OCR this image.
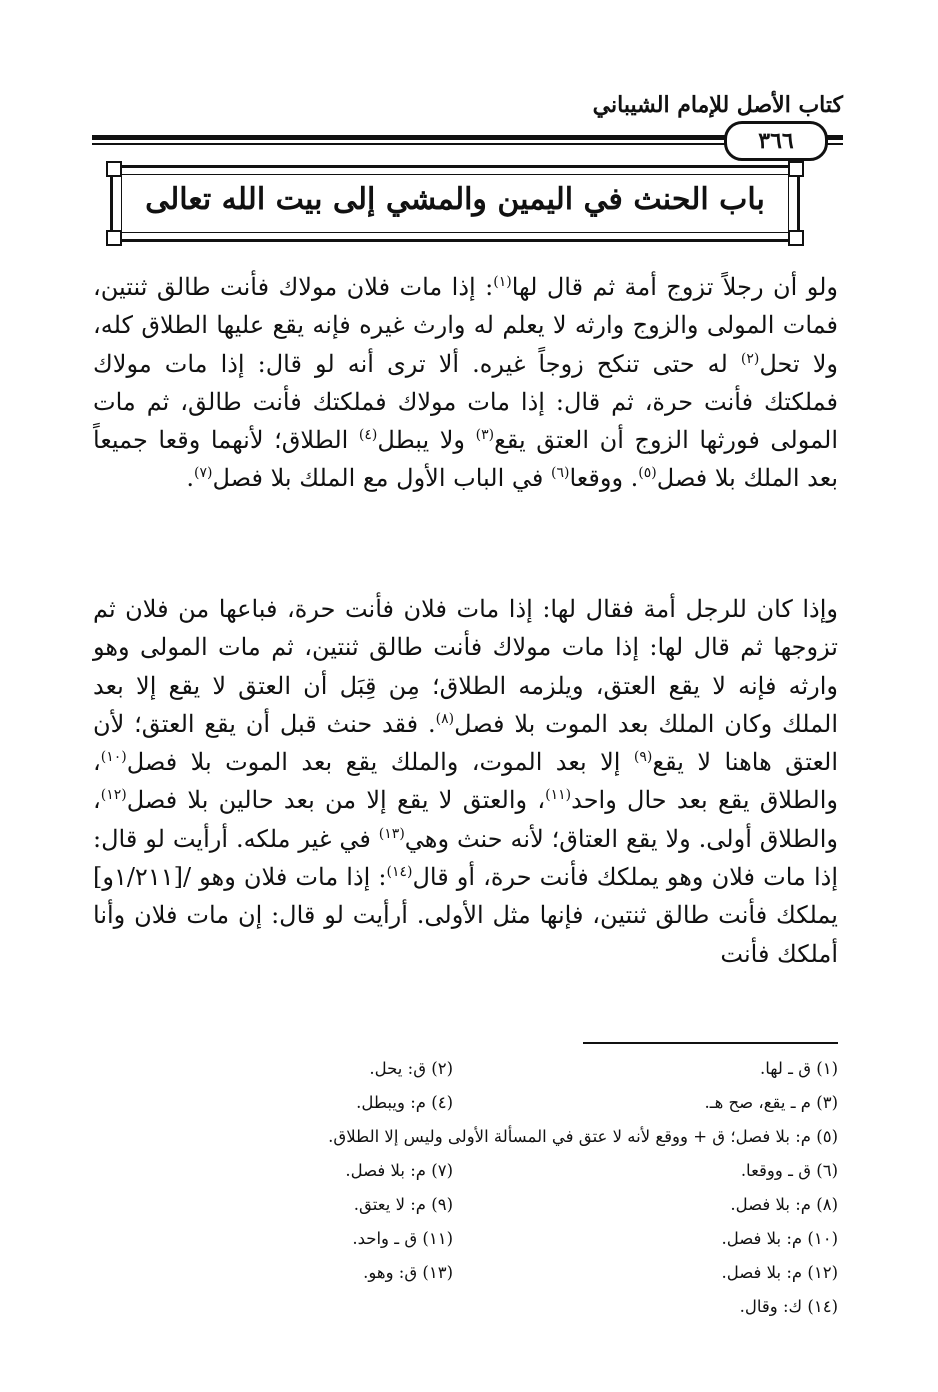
كتاب الأصل للإمام الشيباني
٣٦٦
باب الحنث في اليمين والمشي إلى بيت الله تعالى
ولو أن رجلاً تزوج أمة ثم قال لها$^{(١)}$: إذا مات فلان مولاك فأنت طالق ثنتين، فمات المولى والزوج وارثه لا يعلم له وارث غيره فإنه يقع عليها الطلاق كله، ولا تحل$^{(٢)}$ له حتى تنكح زوجاً غيره. ألا ترى أنه لو قال: إذا مات مولاك فملكتك فأنت حرة، ثم قال: إذا مات مولاك فملكتك فأنت طالق، ثم مات المولى فورثها الزوج أن العتق يقع$^{(٣)}$ ولا يبطل$^{(٤)}$ الطلاق؛ لأنهما وقعا جميعاً بعد الملك بلا فصل$^{(٥)}$. ووقعا$^{(٦)}$ في الباب الأول مع الملك بلا فصل$^{(٧)}$.
وإذا كان للرجل أمة فقال لها: إذا مات فلان فأنت حرة، فباعها من فلان ثم تزوجها ثم قال لها: إذا مات مولاك فأنت طالق ثنتين، ثم مات المولى وهو وارثه فإنه لا يقع العتق، ويلزمه الطلاق؛ مِن قِبَل أن العتق لا يقع إلا بعد الملك وكان الملك بعد الموت بلا فصل$^{(٨)}$. فقد حنث قبل أن يقع العتق؛ لأن العتق هاهنا لا يقع$^{(٩)}$ إلا بعد الموت، والملك يقع بعد الموت بلا فصل$^{(١٠)}$، والطلاق يقع بعد حال واحد$^{(١١)}$، والعتق لا يقع إلا من بعد حالين بلا فصل$^{(١٢)}$، والطلاق أولى. ولا يقع العتاق؛ لأنه حنث وهي$^{(١٣)}$ في غير ملكه. أرأيت لو قال: إذا مات فلان وهو يملكك فأنت حرة، أو قال$^{(١٤)}$: إذا مات فلان وهو /[١/٢١١و] يملكك فأنت طالق ثنتين، فإنها مثل الأولى. أرأيت لو قال: إن مات فلان وأنا أملكك فأنت
(١) ق ـ لها.
(٢) ق: يحل.
(٣) م ـ يقع، صح هـ.
(٤) م: ويبطل.
(٥) م: بلا فصل؛ ق + ووقع لأنه لا عتق في المسألة الأولى وليس إلا الطلاق.
(٦) ق ـ ووقعا.
(٧) م: بلا فصل.
(٨) م: بلا فصل.
(٩) م: لا يعتق.
(١٠) م: بلا فصل.
(١١) ق ـ واحد.
(١٢) م: بلا فصل.
(١٣) ق: وهو.
(١٤) ك: وقال.
